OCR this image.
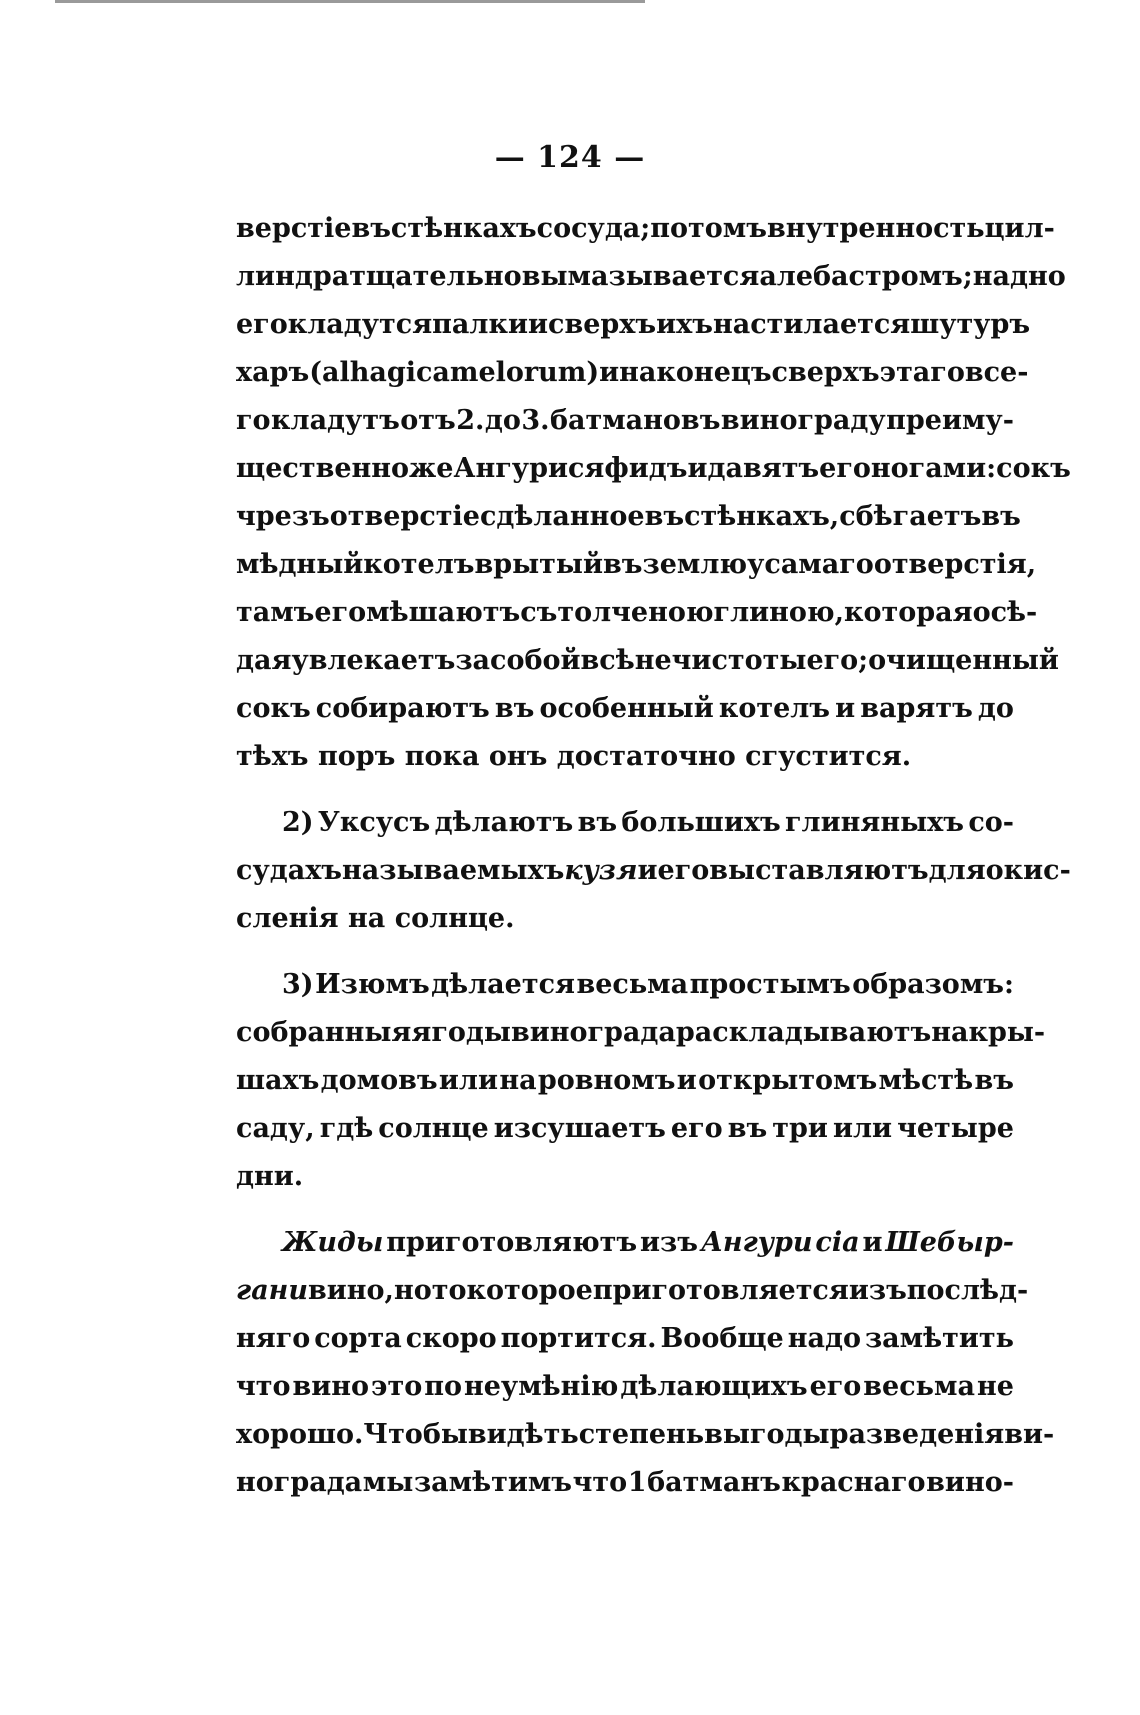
— 124 —
верстіе въ стѣнкахъ сосуда; потомъ внутренность цил-
линдра тщательно вымазывается алебастромъ; на дно
его кладутся палки и сверхъ ихъ настилается шутуръ
харъ (alhagi camelorum) и наконецъ сверхъ этаго все-
го кладутъ отъ 2. до 3. батмановъ винограду преиму-
щественно же Ангурисяфидъ и давятъ его ногами: сокъ
чрезъ отверстіе сдѣланное въ стѣнкахъ, сбѣгаетъ въ
мѣдный котелъ врытый въ землю у самаго отверстія,
тамъ его мѣшаютъ съ толченою глиною, которая осѣ-
дая увлекаетъ за собой всѣ нечистоты его; очищенный
сокъ собираютъ въ особенный котелъ и варятъ до
тѣхъ
поръ
пока
онъ
достаточно
сгустится.
2) Уксусъ дѣлаютъ въ большихъ глиняныхъ со-
судахъ называемыхъ кузя и его выставляютъ для окис-
сленія
на
солнце.
3) Изюмъ дѣлается весьма простымъ образомъ:
собранныя ягоды винограда раскладываютъ на кры-
шахъ домовъ или на ровномъ и открытомъ мѣстѣ въ
саду, гдѣ солнце изсушаетъ его въ три или четыре
дни.
Жиды приготовляютъ изъ Ангури сіа и Шебыр-
гани вино, но то которое приготовляется изъ послѣд-
няго сорта скоро портится. Вообще надо замѣтить
что вино это по неумѣнію дѣлающихъ его весьма не
хорошо. Чтобы видѣть степень выгоды разведенія ви-
нограда мы замѣтимъ что 1 батманъ краснаго вино-
